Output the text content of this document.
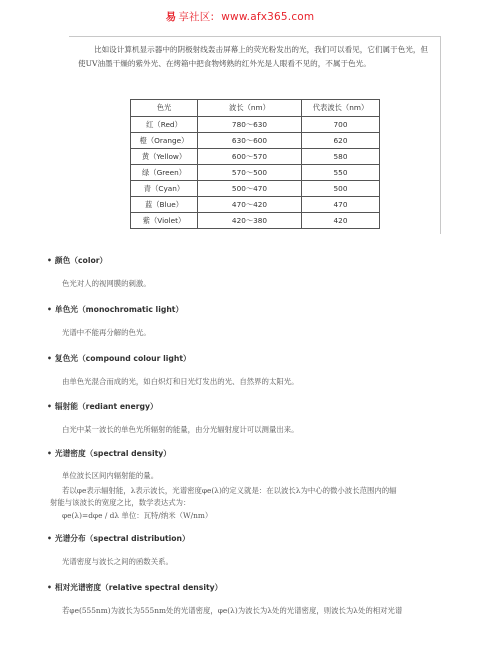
易 享社区: www.afx365.com

比如设计算机显示器中的阴极射线轰击屏幕上的荧光粉发出的光，我们可以看见，它们属于色光，但使UV油墨干燥的紫外光、在烤箱中把食物烤熟的红外光是人眼看不见的，不属于色光。

色光	波长（nm）	代表波长（nm）
红（Red）	780～630	700
橙（Orange）	630～600	620
黄（Yellow）	600～570	580
绿（Green）	570～500	550
青（Cyan）	500～470	500
蓝（Blue）	470～420	470
紫（Violet）	420～380	420
• 颜色（color）
色光对人的视网膜的刺激。
• 单色光（monochromatic light）
光谱中不能再分解的色光。
• 复色光（compound colour light）
由单色光混合而成的光，如白炽灯和日光灯发出的光、自然界的太阳光。
• 辐射能（rediant energy）
白光中某一波长的单色光所辐射的能量，由分光辐射度计可以测量出来。
• 光谱密度（spectral density）
单位波长区间内辐射能的量。
若以φe表示辐射能，λ表示波长，光谱密度φe(λ)的定义就是：在以波长λ为中心的微小波长范围内的辐
射能与该波长的宽度之比，数学表达式为：
φe(λ)=dφe / dλ 单位：瓦特/纳米（W/nm）
• 光谱分布（spectral distribution）
光谱密度与波长之间的函数关系。
• 相对光谱密度（relative spectral density）
若φe(555nm)为波长为555nm处的光谱密度，φe(λ)为波长为λ处的光谱密度，则波长为λ处的相对光谱
